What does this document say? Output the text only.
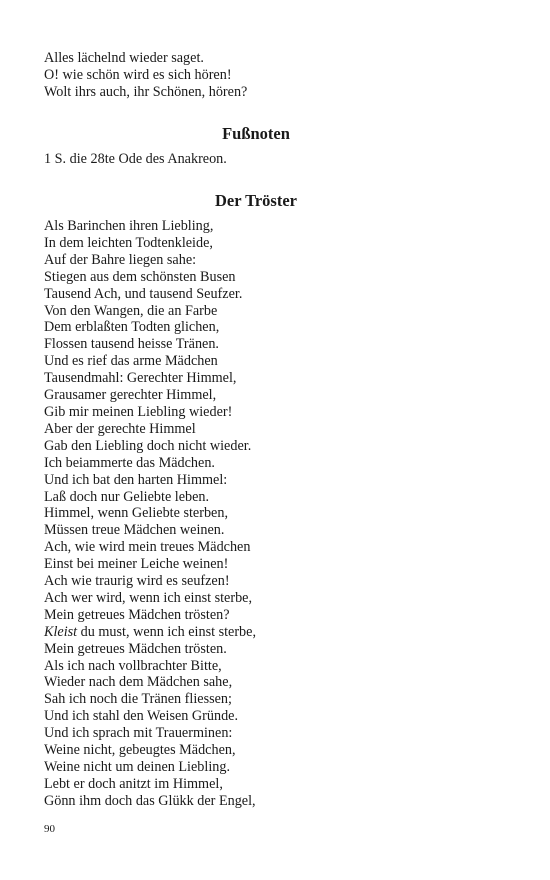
Alles lächelnd wieder saget.
O! wie schön wird es sich hören!
Wolt ihrs auch, ihr Schönen, hören?
Fußnoten
1 S. die 28te Ode des Anakreon.
Der Tröster
Als Barinchen ihren Liebling,
In dem leichten Todtenkleide,
Auf der Bahre liegen sahe:
Stiegen aus dem schönsten Busen
Tausend Ach, und tausend Seufzer.
Von den Wangen, die an Farbe
Dem erblaßten Todten glichen,
Flossen tausend heisse Tränen.
Und es rief das arme Mädchen
Tausendmahl: Gerechter Himmel,
Grausamer gerechter Himmel,
Gib mir meinen Liebling wieder!
Aber der gerechte Himmel
Gab den Liebling doch nicht wieder.
Ich beiammerte das Mädchen.
Und ich bat den harten Himmel:
Laß doch nur Geliebte leben.
Himmel, wenn Geliebte sterben,
Müssen treue Mädchen weinen.
Ach, wie wird mein treues Mädchen
Einst bei meiner Leiche weinen!
Ach wie traurig wird es seufzen!
Ach wer wird, wenn ich einst sterbe,
Mein getreues Mädchen trösten?
Kleist du must, wenn ich einst sterbe,
Mein getreues Mädchen trösten.
Als ich nach vollbrachter Bitte,
Wieder nach dem Mädchen sahe,
Sah ich noch die Tränen fliessen;
Und ich stahl den Weisen Gründe.
Und ich sprach mit Trauerminen:
Weine nicht, gebeugtes Mädchen,
Weine nicht um deinen Liebling.
Lebt er doch anitzt im Himmel,
Gönn ihm doch das Glükk der Engel,
90
